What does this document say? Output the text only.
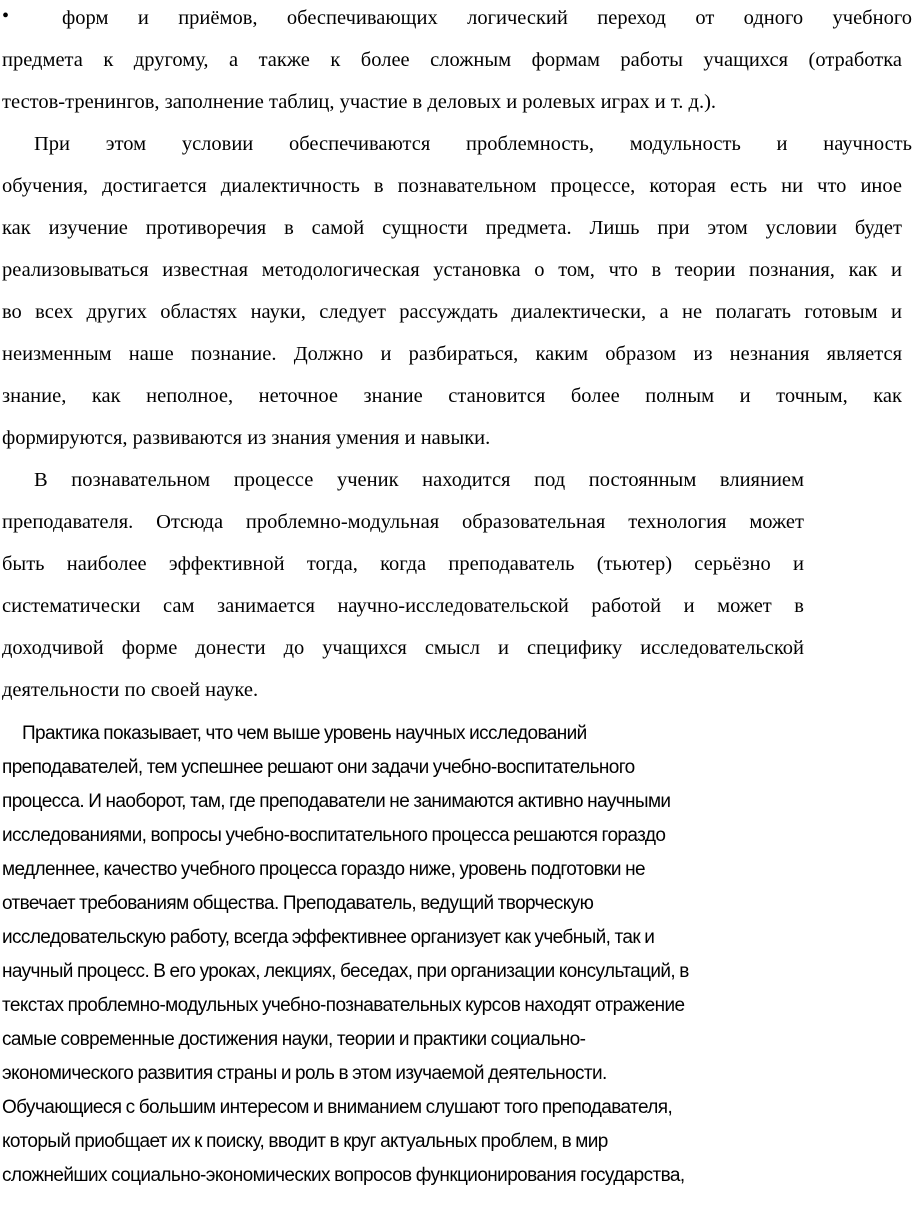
•	форм и приёмов, обеспечивающих логический переход от одного учебного
предмета к другому, а также к более сложным формам работы учащихся (отработка
тестов-тренингов, заполнение таблиц, участие в деловых и ролевых играх и т. д.).
При этом условии обеспечиваются проблемность, модульность и научность
обучения, достигается диалектичность в познавательном процессе, которая есть ни что иное
как изучение противоречия в самой сущности предмета. Лишь при этом условии будет
реализовываться известная методологическая установка о том, что в теории познания, как и
во всех других областях науки, следует рассуждать диалектически, а не полагать готовым и
неизменным наше познание. Должно и разбираться, каким образом из незнания является
знание, как неполное, неточное знание становится более полным и точным, как
формируются, развиваются из знания умения и навыки.
В познавательном процессе ученик находится под постоянным влиянием
преподавателя. Отсюда проблемно-модульная образовательная технология может
быть наиболее эффективной тогда, когда преподаватель (тьютер) серьёзно и
систематически сам занимается научно-исследовательской работой и может в
доходчивой форме донести до учащихся смысл и специфику исследовательской
деятельности по своей науке.
Практика показывает, что чем выше уровень научных исследований
преподавателей, тем успешнее решают они задачи учебно-воспитательного
процесса. И наоборот, там, где преподаватели не занимаются активно научными
исследованиями, вопросы учебно-воспитательного процесса решаются гораздо
медленнее, качество учебного процесса гораздо ниже, уровень подготовки не
отвечает требованиям общества. Преподаватель, ведущий творческую
исследовательскую работу, всегда эффективнее организует как учебный, так и
научный процесс. В его уроках, лекциях, беседах, при организации консультаций, в
текстах проблемно-модульных учебно-познавательных курсов находят отражение
самые современные достижения науки, теории и практики социально-
экономического развития страны и роль в этом изучаемой деятельности.
Обучающиеся с большим интересом и вниманием слушают того преподавателя,
который приобщает их к поиску, вводит в круг актуальных проблем, в мир
сложнейших социально-экономических вопросов функционирования государства,
